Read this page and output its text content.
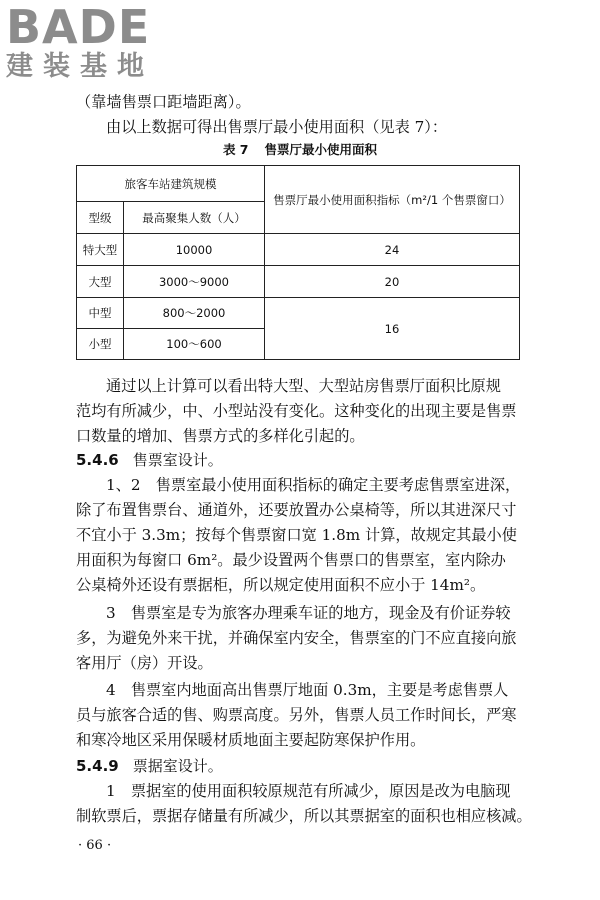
BADE
建装基地
（靠墙售票口距墙距离）。
由以上数据可得出售票厅最小使用面积（见表 7）：
表 7 售票厅最小使用面积
旅客车站建筑规模		售票厅最小使用面积指标（m²/1 个售票窗口）
型级	最高聚集人数（人）	
特大型	10000	24
大型	3000～9000	20
中型	800～2000	16
小型	100～600	
通过以上计算可以看出特大型、大型站房售票厅面积比原规
范均有所减少，中、小型站没有变化。这种变化的出现主要是售票
口数量的增加、售票方式的多样化引起的。
5.4.6 售票室设计。
1、2　售票室最小使用面积指标的确定主要考虑售票室进深，
除了布置售票台、通道外，还要放置办公桌椅等，所以其进深尺寸
不宜小于 3.3m；按每个售票窗口宽 1.8m 计算，故规定其最小使
用面积为每窗口 6m²。最少设置两个售票口的售票室，室内除办
公桌椅外还设有票据柜，所以规定使用面积不应小于 14m²。
3　售票室是专为旅客办理乘车证的地方，现金及有价证券较
多，为避免外来干扰，并确保室内安全，售票室的门不应直接向旅
客用厅（房）开设。
4　售票室内地面高出售票厅地面 0.3m，主要是考虑售票人
员与旅客合适的售、购票高度。另外，售票人员工作时间长，严寒
和寒冷地区采用保暖材质地面主要起防寒保护作用。
5.4.9 票据室设计。
1　票据室的使用面积较原规范有所减少，原因是改为电脑现
制软票后，票据存储量有所减少，所以其票据室的面积也相应核减。
· 66 ·
